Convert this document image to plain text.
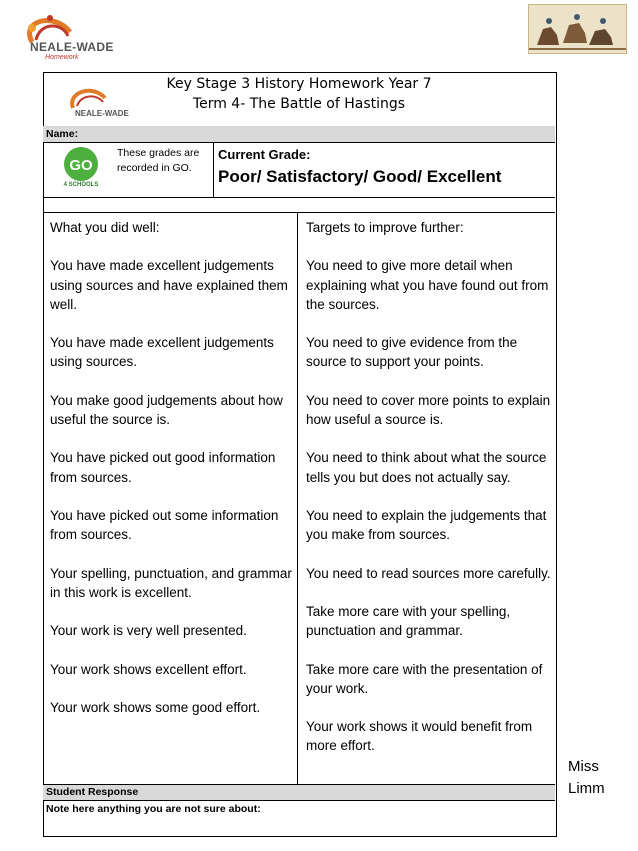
NEALE-WADE
Homework
NEALE-WADE
Key Stage 3 History Homework Year 7
Term 4- The Battle of Hastings
Name:
GO
4 SCHOOLS
These grades are recorded in GO.
Current Grade:
Poor/ Satisfactory/ Good/ Excellent
What you did well:

You have made excellent judgements using sources and have explained them well.

You have made excellent judgements using sources.

You make good judgements about how useful the source is.

You have picked out good information from sources.

You have picked out some information from sources.

Your spelling, punctuation, and grammar in this work is excellent.

Your work is very well presented.

Your work shows excellent effort.

Your work shows some good effort.

Targets to improve further:

You need to give more detail when explaining what you have found out from the sources.

You need to give evidence from the source to support your points.

You need to cover more points to explain how useful a source is.

You need to think about what the source tells you but does not actually say.

You need to explain the judgements that you make from sources.

You need to read sources more carefully.

Take more care with your spelling, punctuation and grammar.

Take more care with the presentation of your work.

Your work shows it would benefit from more effort.

Student Response
Note here anything you are not sure about:
Miss
Limm
